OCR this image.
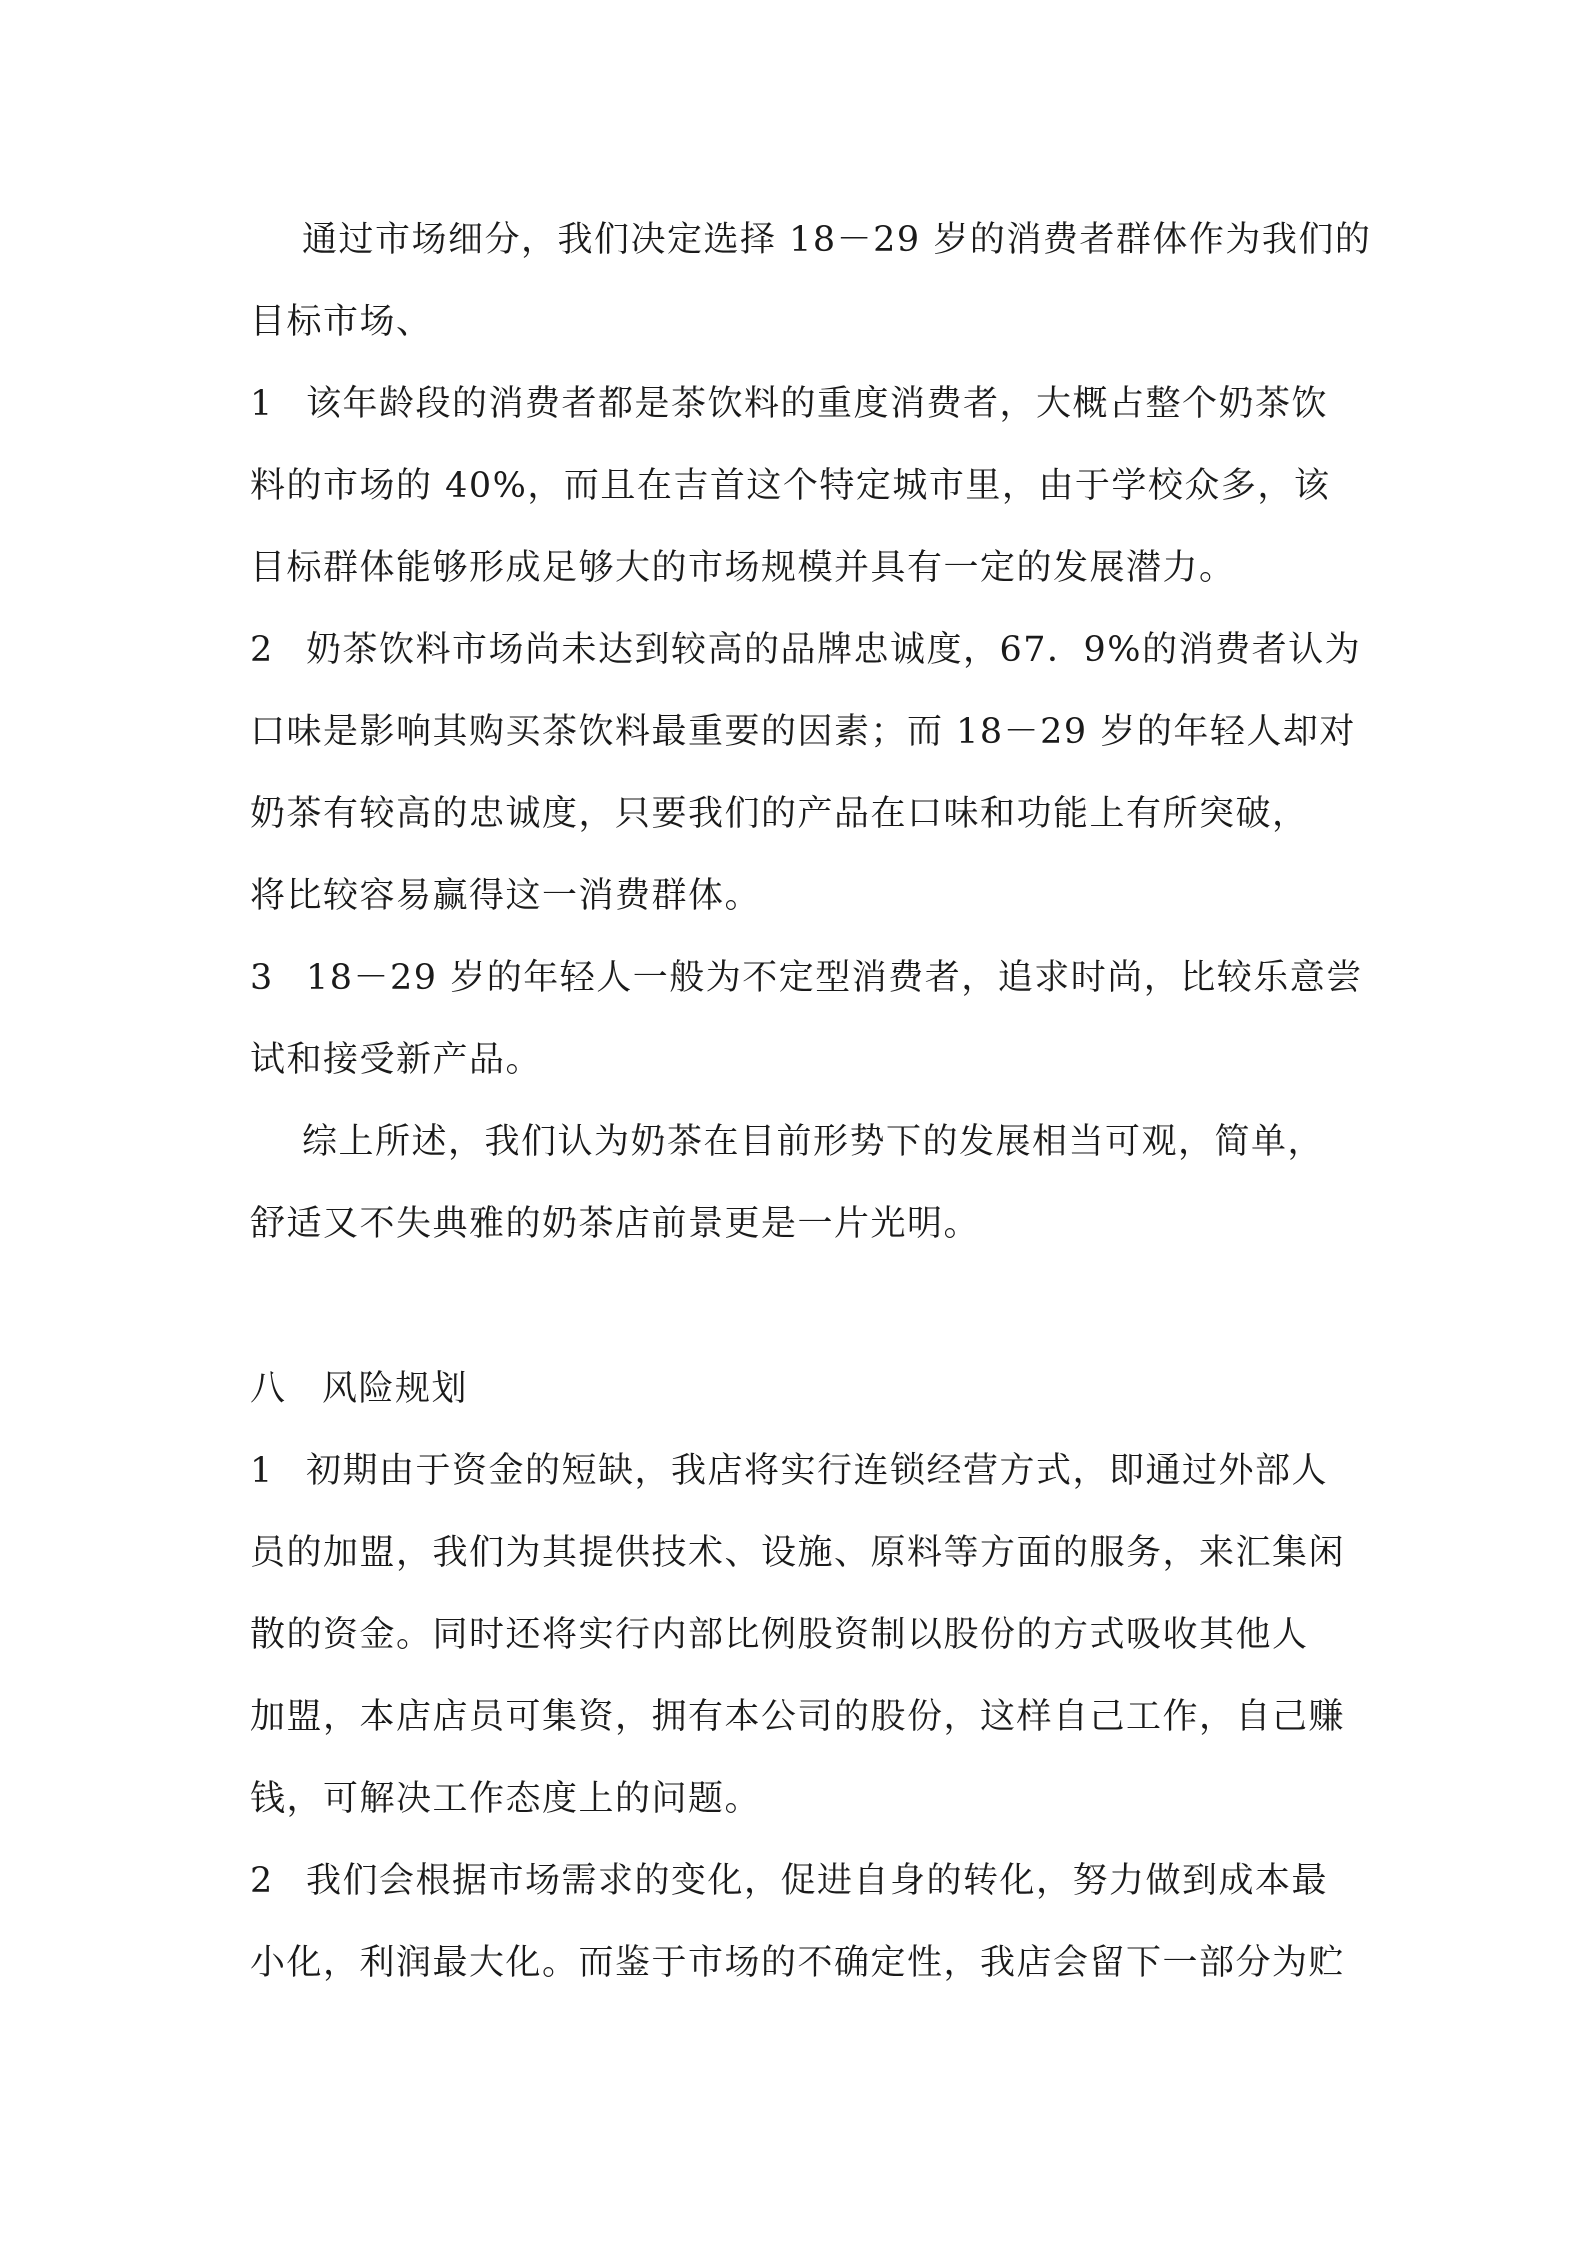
通过市场细分，我们决定选择 18－29 岁的消费者群体作为我们的
目标市场、
1 该年龄段的消费者都是茶饮料的重度消费者，大概占整个奶茶饮
料的市场的 40%，而且在吉首这个特定城市里，由于学校众多，该
目标群体能够形成足够大的市场规模并具有一定的发展潜力。
2 奶茶饮料市场尚未达到较高的品牌忠诚度，67．9%的消费者认为
口味是影响其购买茶饮料最重要的因素；而 18－29 岁的年轻人却对
奶茶有较高的忠诚度，只要我们的产品在口味和功能上有所突破，
将比较容易赢得这一消费群体。
3 18－29 岁的年轻人一般为不定型消费者，追求时尚，比较乐意尝
试和接受新产品。
综上所述，我们认为奶茶在目前形势下的发展相当可观，简单，
舒适又不失典雅的奶茶店前景更是一片光明。
八 风险规划
1 初期由于资金的短缺，我店将实行连锁经营方式，即通过外部人
员的加盟，我们为其提供技术、设施、原料等方面的服务，来汇集闲
散的资金。同时还将实行内部比例股资制以股份的方式吸收其他人
加盟，本店店员可集资，拥有本公司的股份，这样自己工作，自己赚
钱，可解决工作态度上的问题。
2 我们会根据市场需求的变化，促进自身的转化，努力做到成本最
小化，利润最大化。而鉴于市场的不确定性，我店会留下一部分为贮
